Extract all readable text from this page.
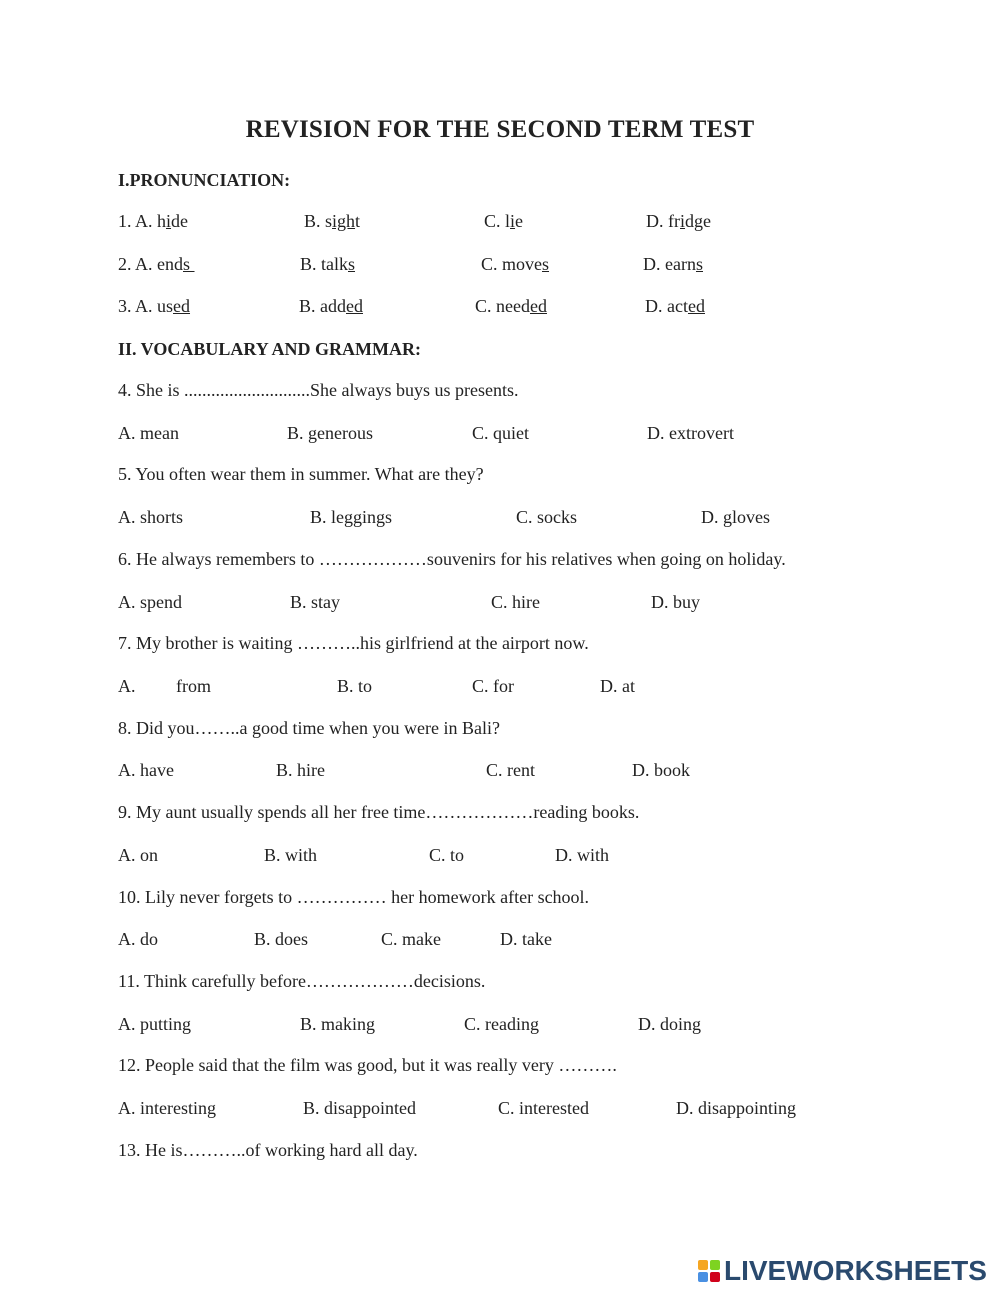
REVISION FOR THE SECOND TERM TEST
I.PRONUNCIATION:
1. A. hide	B. sight	C. lie	D. fridge
2. A. ends	B. talks	C. moves	D. earns
3. A. used	B. added	C. needed	D. acted
II. VOCABULARY AND GRAMMAR:
4. She is ............................She always buys us presents.
A. mean	B. generous	C. quiet	D. extrovert
5. You often wear them in summer. What are they?
A. shorts	B. leggings	C. socks	D. gloves
6. He always remembers to ………………souvenirs for his relatives when going on holiday.
A. spend	B. stay	C. hire	D. buy
7. My brother is waiting ………..his girlfriend at the airport now.
A. from	B. to	C. for	D. at
8. Did you……..a good time when you were in Bali?
A. have	B. hire	C. rent	D. book
9. My aunt usually spends all her free time………………reading books.
A. on	B. with	C. to	D. with
10. Lily never forgets to …………… her homework after school.
A. do	B. does	C. make	D. take
11. Think carefully before………………decisions.
A. putting	B. making	C. reading	D. doing
12. People said that the film was good, but it was really very ……….
A. interesting	B. disappointed	C. interested	D. disappointing
13. He is………..of working hard all day.
LIVEWORKSHEETS
